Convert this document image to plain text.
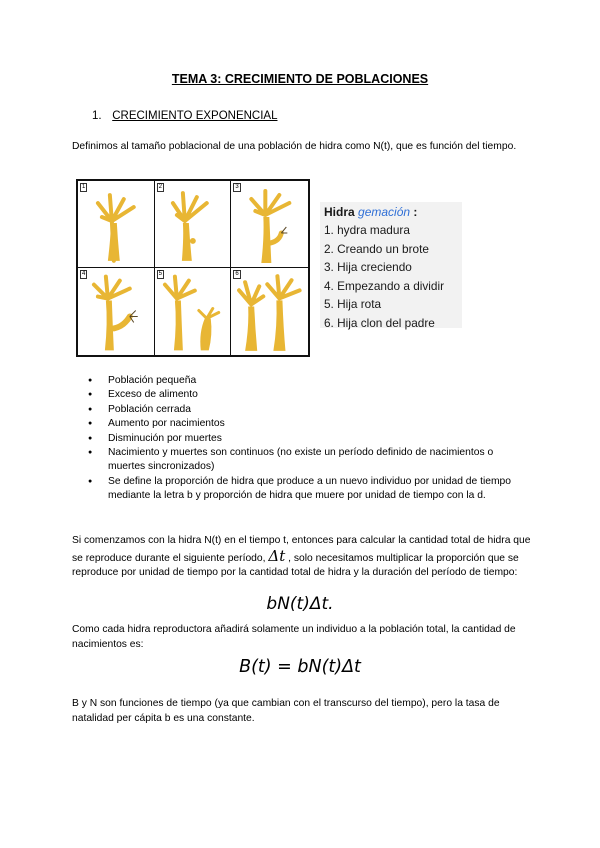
TEMA 3: CRECIMIENTO DE POBLACIONES
1. CRECIMIENTO EXPONENCIAL
Definimos al tamaño poblacional de una población de hidra como N(t), que es función del tiempo.
1	2	3
4	5	6
Hidra gemación :
1. hydra madura
2. Creando un brote
3. Hija creciendo
4. Empezando a dividir
5. Hija rota
6. Hija clon del padre
● Población pequeña
● Exceso de alimento
● Población cerrada
● Aumento por nacimientos
● Disminución por muertes
● Nacimiento y muertes son continuos (no existe un período definido de nacimientos o muertes sincronizados)
● Se define la proporción de hidra que produce a un nuevo individuo por unidad de tiempo mediante la letra b y proporción de hidra que muere por unidad de tiempo con la d.
Si comenzamos con la hidra N(t) en el tiempo t, entonces para calcular la cantidad total de hidra que se reproduce durante el siguiente período, Δt , solo necesitamos multiplicar la proporción que se reproduce por unidad de tiempo por la cantidad total de hidra y la duración del período de tiempo:
bN(t)Δt.
Como cada hidra reproductora añadirá solamente un individuo a la población total, la cantidad de nacimientos es:
B(t) = bN(t)Δt
B y N son funciones de tiempo (ya que cambian con el transcurso del tiempo), pero la tasa de natalidad per cápita b es una constante.
